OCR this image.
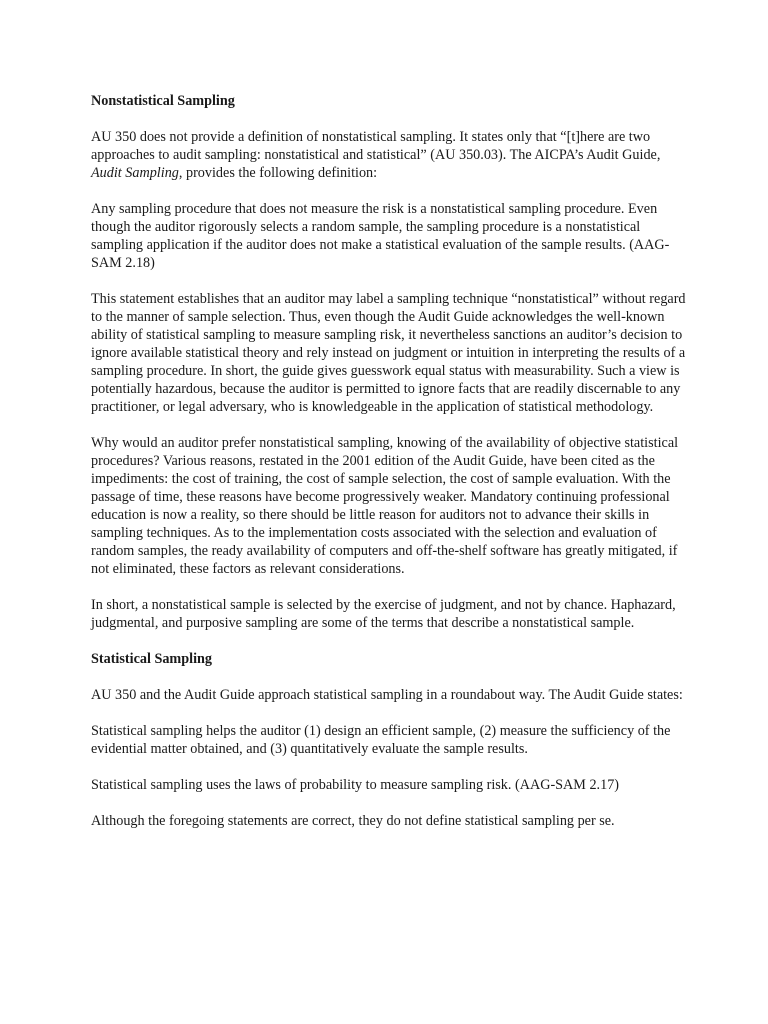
Nonstatistical Sampling

AU 350 does not provide a definition of nonstatistical sampling. It states only that “[t]here are two approaches to audit sampling: nonstatistical and statistical” (AU 350.03). The AICPA’s Audit Guide, Audit Sampling, provides the following definition:

Any sampling procedure that does not measure the risk is a nonstatistical sampling procedure. Even though the auditor rigorously selects a random sample, the sampling procedure is a nonstatistical sampling application if the auditor does not make a statistical evaluation of the sample results. (AAG-SAM 2.18)

This statement establishes that an auditor may label a sampling technique “nonstatistical” without regard to the manner of sample selection. Thus, even though the Audit Guide acknowledges the well-known ability of statistical sampling to measure sampling risk, it nevertheless sanctions an auditor’s decision to ignore available statistical theory and rely instead on judgment or intuition in interpreting the results of a sampling procedure. In short, the guide gives guesswork equal status with measurability. Such a view is potentially hazardous, because the auditor is permitted to ignore facts that are readily discernable to any practitioner, or legal adversary, who is knowledgeable in the application of statistical methodology.

Why would an auditor prefer nonstatistical sampling, knowing of the availability of objective statistical procedures? Various reasons, restated in the 2001 edition of the Audit Guide, have been cited as the impediments: the cost of training, the cost of sample selection, the cost of sample evaluation. With the passage of time, these reasons have become progressively weaker. Mandatory continuing professional education is now a reality, so there should be little reason for auditors not to advance their skills in sampling techniques. As to the implementation costs associated with the selection and evaluation of random samples, the ready availability of computers and off-the-shelf software has greatly mitigated, if not eliminated, these factors as relevant considerations.

In short, a nonstatistical sample is selected by the exercise of judgment, and not by chance. Haphazard, judgmental, and purposive sampling are some of the terms that describe a nonstatistical sample.

Statistical Sampling

AU 350 and the Audit Guide approach statistical sampling in a roundabout way. The Audit Guide states:

Statistical sampling helps the auditor (1) design an efficient sample, (2) measure the sufficiency of the evidential matter obtained, and (3) quantitatively evaluate the sample results.

Statistical sampling uses the laws of probability to measure sampling risk. (AAG-SAM 2.17)

Although the foregoing statements are correct, they do not define statistical sampling per se.
